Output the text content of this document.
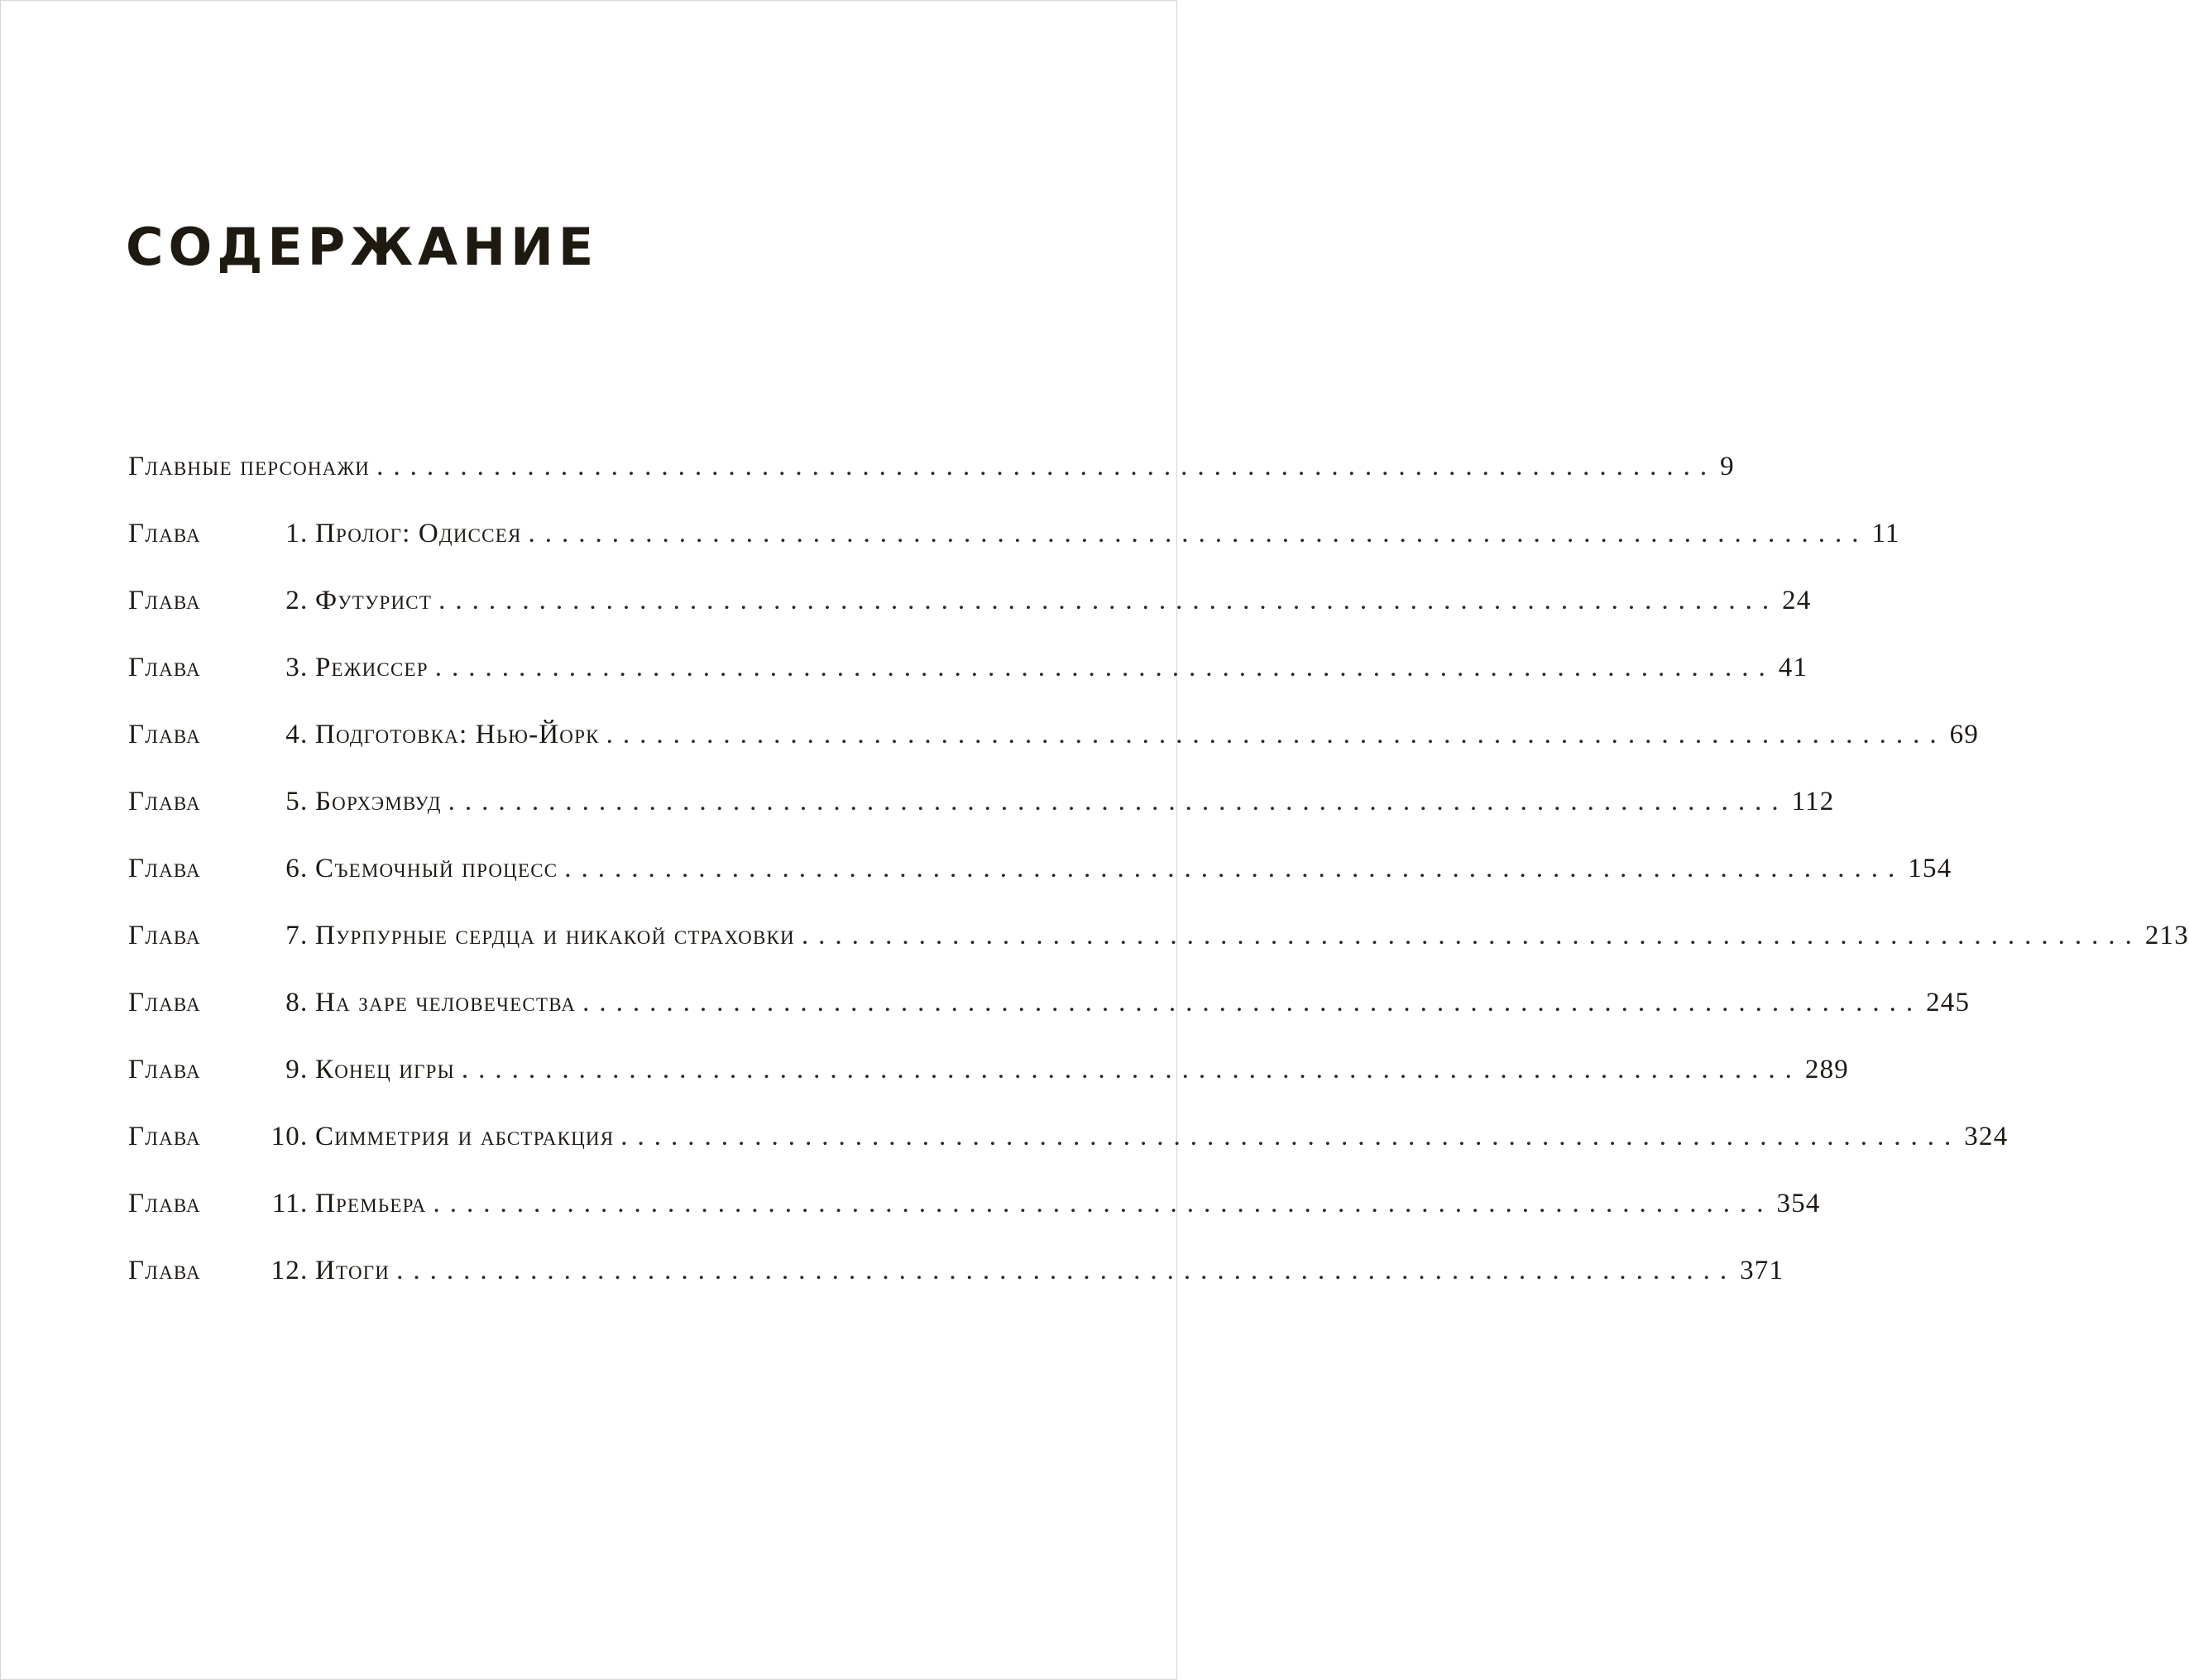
СОДЕРЖАНИЕ
Главные персонажи ................................................................................ 9
Глава	1 . Пролог: Одиссея ................................................................................ 11
Глава	2 . Футурист ................................................................................ 24
Глава	3 . Режиссер ................................................................................ 41
Глава	4 . Подготовка: Нью-Йорк ................................................................................ 69
Глава	5 . Борхэмвуд ................................................................................ 112
Глава	6 . Съемочный процесс ................................................................................ 154
Глава	7 . Пурпурные сердца и никакой страховки ................................................................................ 213
Глава	8 . На заре человечества ................................................................................ 245
Глава	9 . Конец игры ................................................................................ 289
Глава	10 . Симметрия и абстракция ................................................................................ 324
Глава	11 . Премьера ................................................................................ 354
Глава	12 . Итоги ................................................................................ 371
